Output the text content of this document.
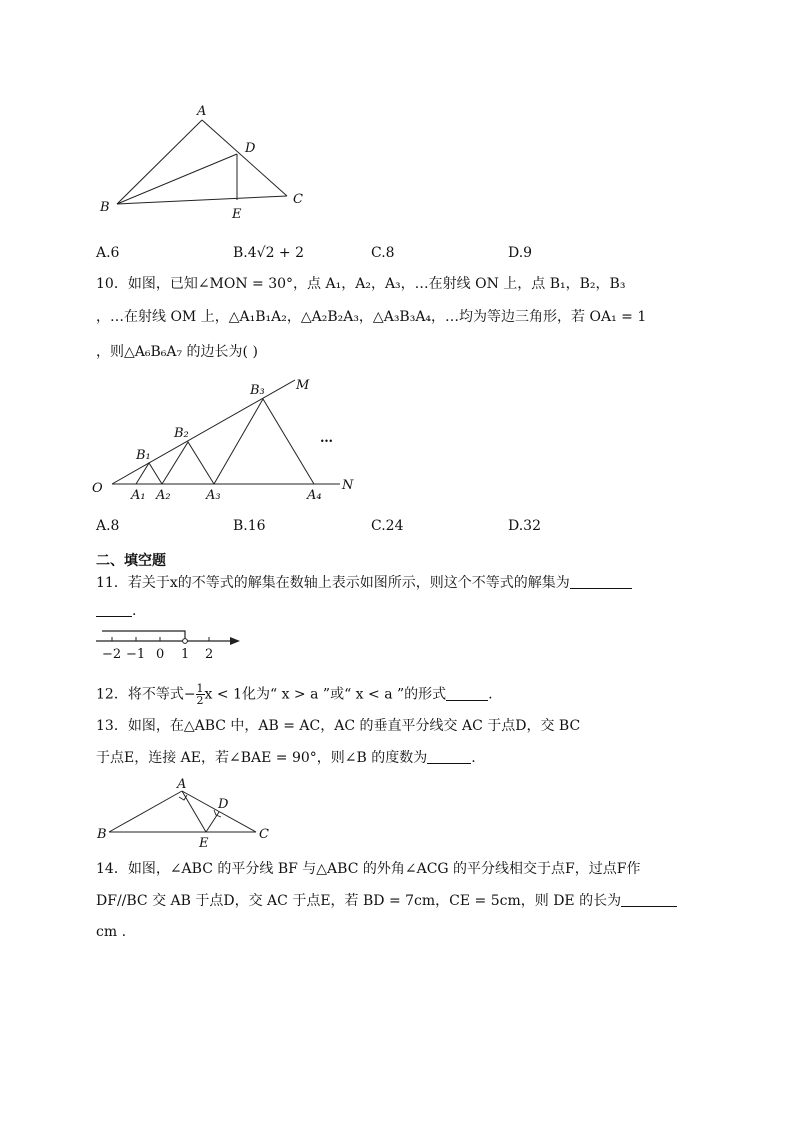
A
D
B
C
E
A.6	B.4√2 + 2	C.8	D.9
10．如图，已知∠MON = 30°，点 A₁，A₂，A₃，…在射线 ON 上，点 B₁，B₂，B₃
，…在射线 OM 上，△A₁B₁A₂，△A₂B₂A₃，△A₃B₃A₄，…均为等边三角形，若 OA₁ = 1
，则△A₆B₆A₇ 的边长为( )
O
M
N
A₁ A₂	A₃	A₄
B₁
B₂
B₃
…
A.8	B.16	C.24	D.32
二、填空题
11．若关于x的不等式的解集在数轴上表示如图所示，则这个不等式的解集为
.
−2 −1 0 1 2
12．将不等式− $\frac{1}{2}$ x < 1化为“ x > a ”或“ x < a ”的形式	.
13．如图，在△ABC 中，AB = AC，AC 的垂直平分线交 AC 于点D，交 BC
于点E，连接 AE，若∠BAE = 90°，则∠B 的度数为	.
A
D
B	C
E
14．如图，∠ABC 的平分线 BF 与△ABC 的外角∠ACG 的平分线相交于点F，过点F作
DF//BC 交 AB 于点D，交 AC 于点E，若 BD = 7cm，CE = 5cm，则 DE 的长为
cm .
